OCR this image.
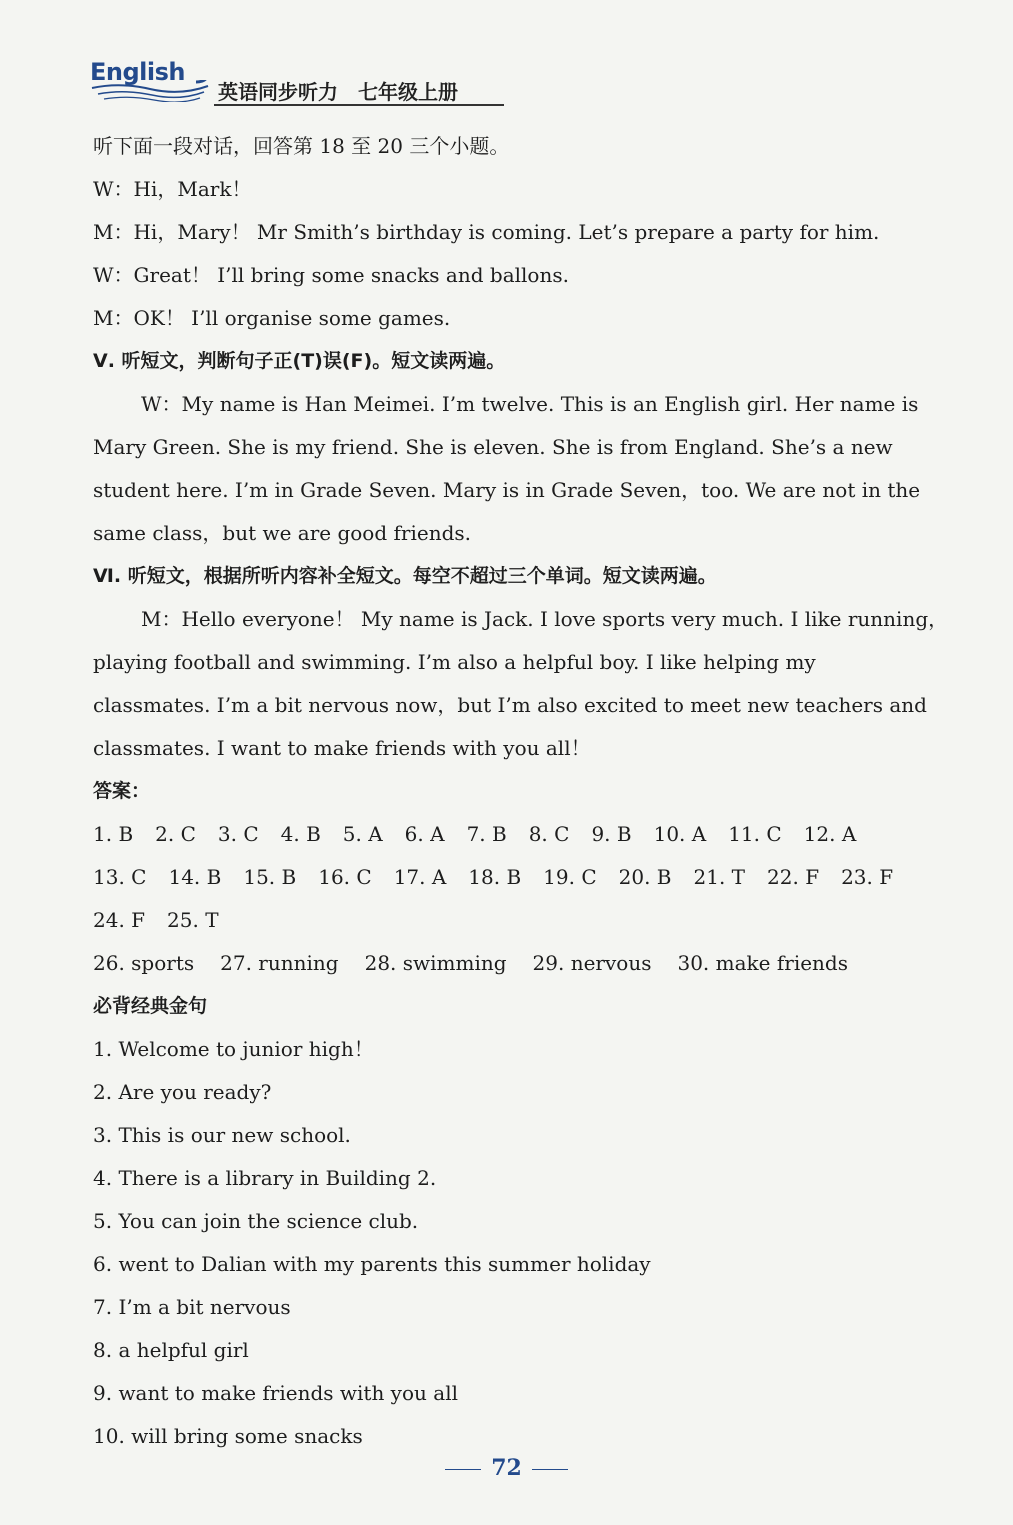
English
英语同步听力　七年级上册
听下面一段对话，回答第 18 至 20 三个小题。
W：Hi，Mark！
M：Hi，Mary！ Mr Smith’s birthday is coming. Let’s prepare a party for him.
W：Great！ I’ll bring some snacks and ballons.
M：OK！ I’ll organise some games.
Ⅴ. 听短文，判断句子正(T)误(F)。短文读两遍。
W：My name is Han Meimei. I’m twelve. This is an English girl. Her name is
Mary Green. She is my friend. She is eleven. She is from England. She’s a new
student here. I’m in Grade Seven. Mary is in Grade Seven，too. We are not in the
same class，but we are good friends.
Ⅵ. 听短文，根据所听内容补全短文。每空不超过三个单词。短文读两遍。
M：Hello everyone！ My name is Jack. I love sports very much. I like running，
playing football and swimming. I’m also a helpful boy. I like helping my
classmates. I’m a bit nervous now，but I’m also excited to meet new teachers and
classmates. I want to make friends with you all！
答案：
1. B 2. C 3. C 4. B 5. A 6. A 7. B 8. C 9. B 10. A 11. C 12. A
13. C 14. B 15. B 16. C 17. A 18. B 19. C 20. B 21. T 22. F 23. F
24. F 25. T
26. sports 27. running 28. swimming 29. nervous 30. make friends
必背经典金句
1. Welcome to junior high！
2. Are you ready?
3. This is our new school.
4. There is a library in Building 2.
5. You can join the science club.
6. went to Dalian with my parents this summer holiday
7. I’m a bit nervous
8. a helpful girl
9. want to make friends with you all
10. will bring some snacks
72
